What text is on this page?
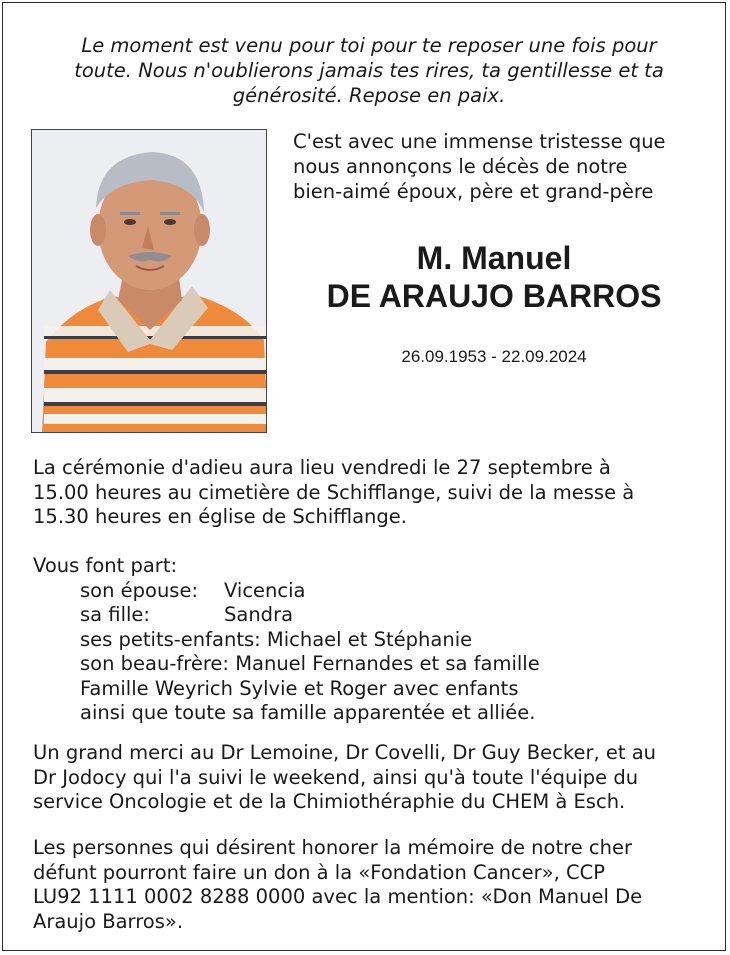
Le moment est venu pour toi pour te reposer une fois pour
toute. Nous n'oublierons jamais tes rires, ta gentillesse et ta
générosité. Repose en paix.
C'est avec une immense tristesse que
nous annonçons le décès de notre
bien-aimé époux, père et grand-père
M. Manuel
DE ARAUJO BARROS
26.09.1953 - 22.09.2024
La cérémonie d'adieu aura lieu vendredi le 27 septembre à
15.00 heures au cimetière de Schifflange, suivi de la messe à
15.30 heures en église de Schifflange.
Vous font part:
son épouse: Vicencia
sa fille:	Sandra
ses petits-enfants: Michael et Stéphanie
son beau-frère: Manuel Fernandes et sa famille
Famille Weyrich Sylvie et Roger avec enfants
ainsi que toute sa famille apparentée et alliée.
Un grand merci au Dr Lemoine, Dr Covelli, Dr Guy Becker, et au
Dr Jodocy qui l'a suivi le weekend, ainsi qu'à toute l'équipe du
service Oncologie et de la Chimiothéraphie du CHEM à Esch.
Les personnes qui désirent honorer la mémoire de notre cher
défunt pourront faire un don à la «Fondation Cancer», CCP
LU92 1111 0002 8288 0000 avec la mention: «Don Manuel De
Araujo Barros».
